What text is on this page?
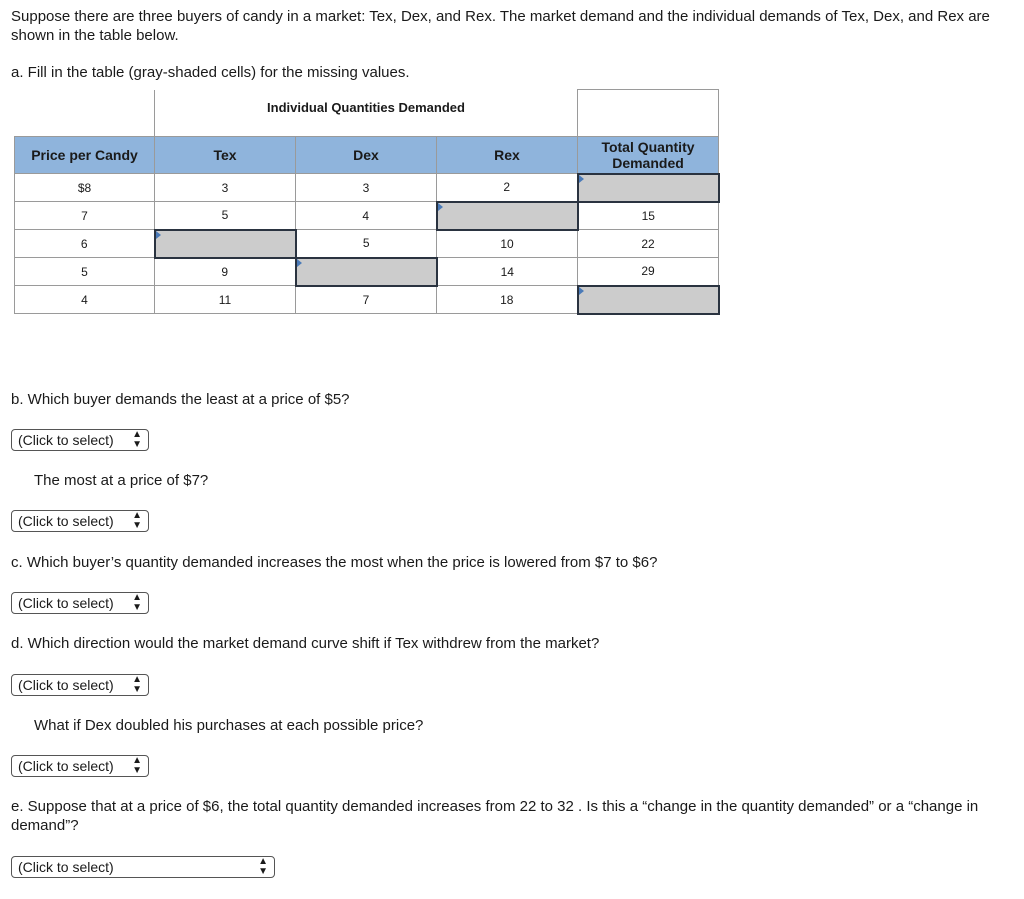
Suppose there are three buyers of candy in a market: Tex, Dex, and Rex. The market demand and the individual demands of Tex, Dex, and Rex are shown in the table below.

a. Fill in the table (gray-shaded cells) for the missing values.

	Individual Quantities Demanded			
Price per Candy	Tex	Dex	Rex	Total Quantity
Demanded
$8	3	3	2	

7	5	4		15
6		5	10	22
5	9		14	29
4	11	7	18	

b. Which buyer demands the least at a price of $5?

(Click to select) ▲
▼

The most at a price of $7?

(Click to select) ▲
▼

c. Which buyer’s quantity demanded increases the most when the price is lowered from $7 to $6?

(Click to select) ▲
▼

d. Which direction would the market demand curve shift if Tex withdrew from the market?

(Click to select) ▲
▼

What if Dex doubled his purchases at each possible price?

(Click to select) ▲
▼

e. Suppose that at a price of $6, the total quantity demanded increases from 22 to 32 . Is this a “change in the quantity demanded” or a “change in demand”?

(Click to select)	▲
▼
